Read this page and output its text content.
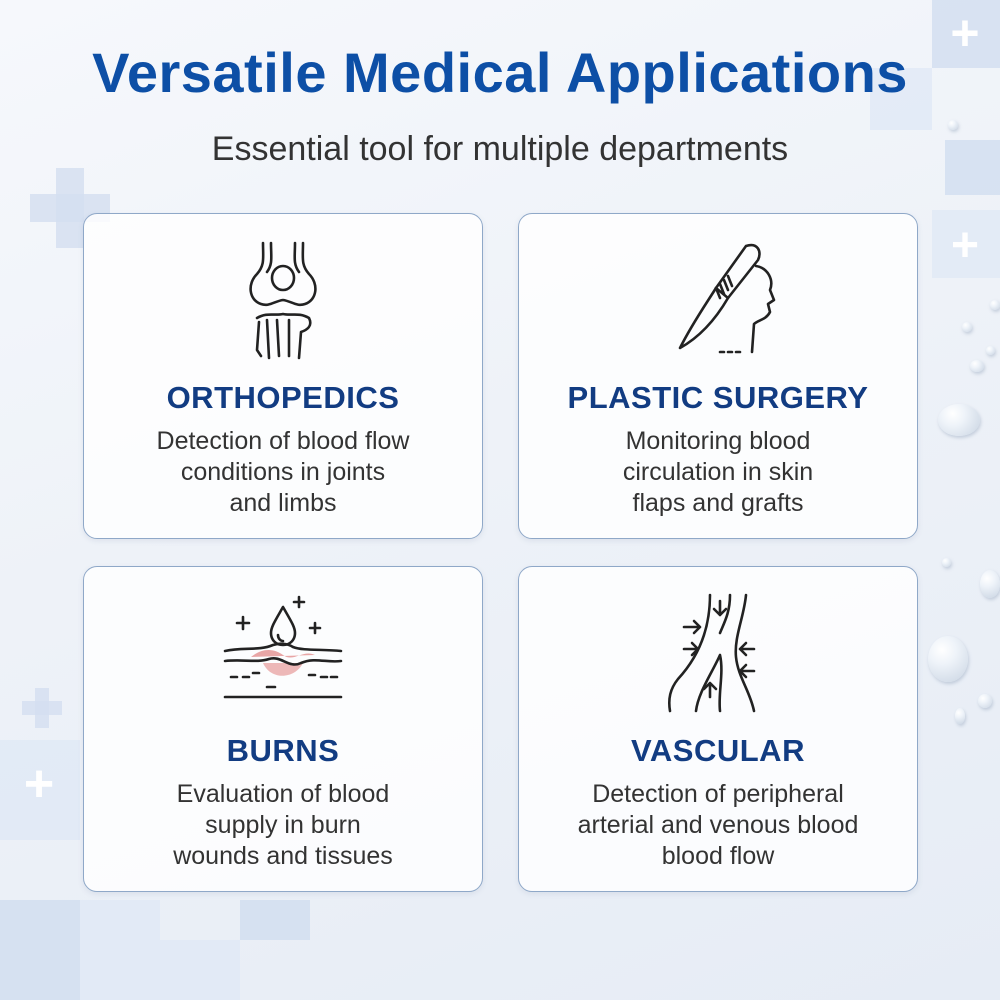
+
+
+
Versatile Medical Applications

Essential tool for multiple departments

ORTHOPEDICS
Detection of blood flow
conditions in joints
and limbs
PLASTIC SURGERY
Monitoring blood
circulation in skin
flaps and grafts
BURNS
Evaluation of blood
supply in burn
wounds and tissues
VASCULAR
Detection of peripheral
arterial and venous blood
blood flow
